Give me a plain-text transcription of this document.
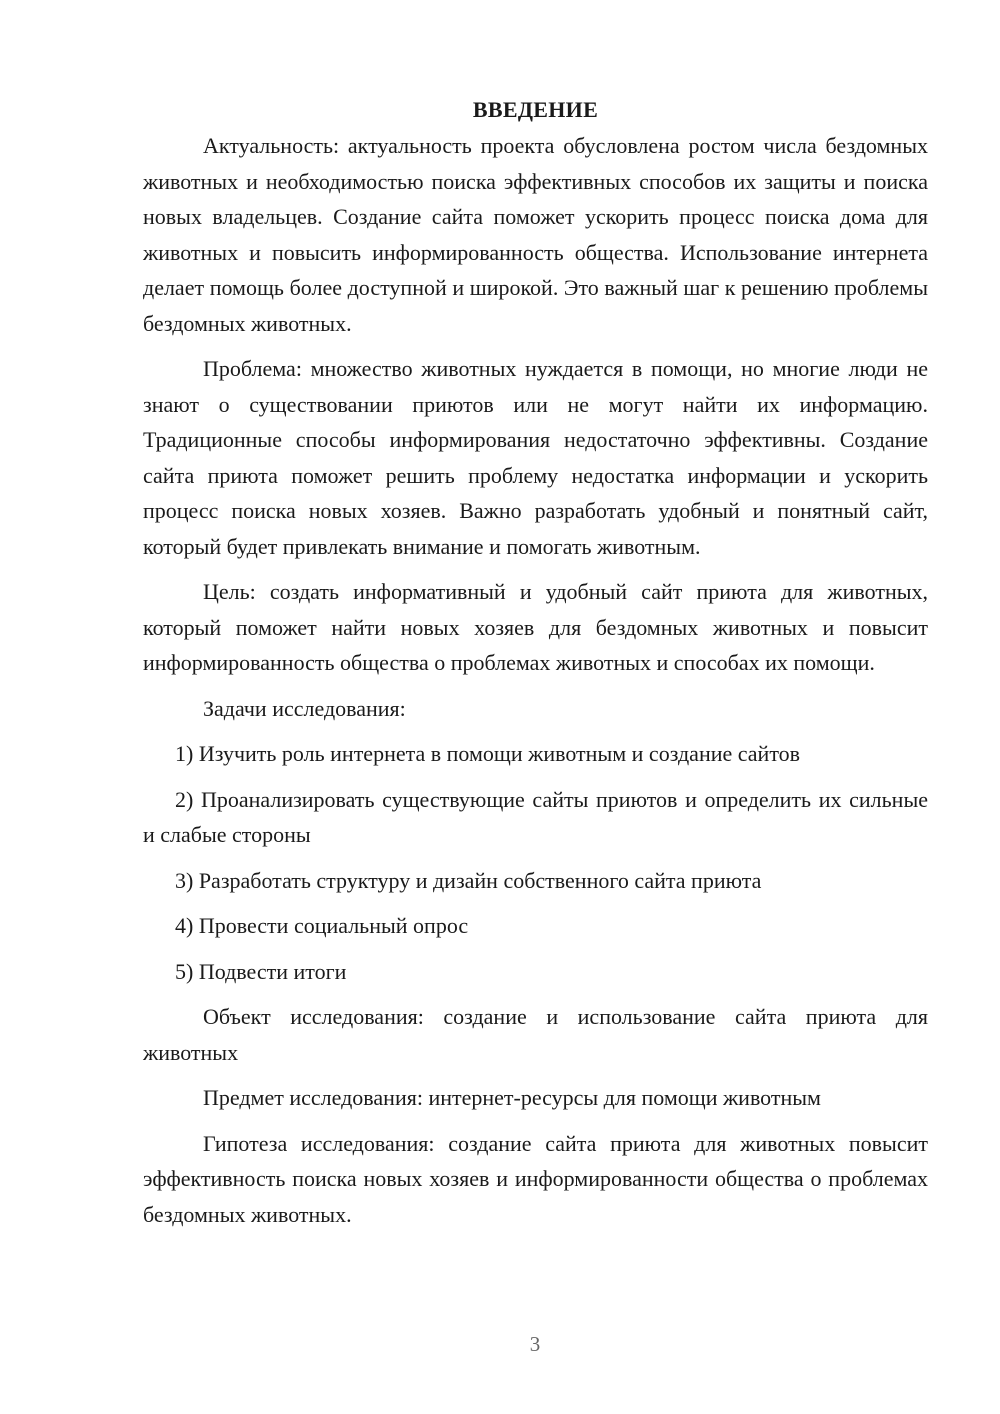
ВВЕДЕНИЕ

Актуальность: актуальность проекта обусловлена ростом числа бездомных животных и необходимостью поиска эффективных способов их защиты и поиска новых владельцев. Создание сайта поможет ускорить процесс поиска дома для животных и повысить информированность общества. Использование интернета делает помощь более доступной и широкой. Это важный шаг к решению проблемы бездомных животных.

Проблема: множество животных нуждается в помощи, но многие люди не знают о существовании приютов или не могут найти их информацию. Традиционные способы информирования недостаточно эффективны. Создание сайта приюта поможет решить проблему недостатка информации и ускорить процесс поиска новых хозяев. Важно разработать удобный и понятный сайт, который будет привлекать внимание и помогать животным.

Цель: создать информативный и удобный сайт приюта для животных, который поможет найти новых хозяев для бездомных животных и повысит информированность общества о проблемах животных и способах их помощи.

Задачи исследования:

1) Изучить роль интернета в помощи животным и создание сайтов

2) Проанализировать существующие сайты приютов и определить их сильные и слабые стороны

3) Разработать структуру и дизайн собственного сайта приюта

4) Провести социальный опрос

5) Подвести итоги

Объект исследования: создание и использование сайта приюта для животных

Предмет исследования: интернет-ресурсы для помощи животным

Гипотеза исследования: создание сайта приюта для животных повысит эффективность поиска новых хозяев и информированности общества о проблемах бездомных животных.

3
